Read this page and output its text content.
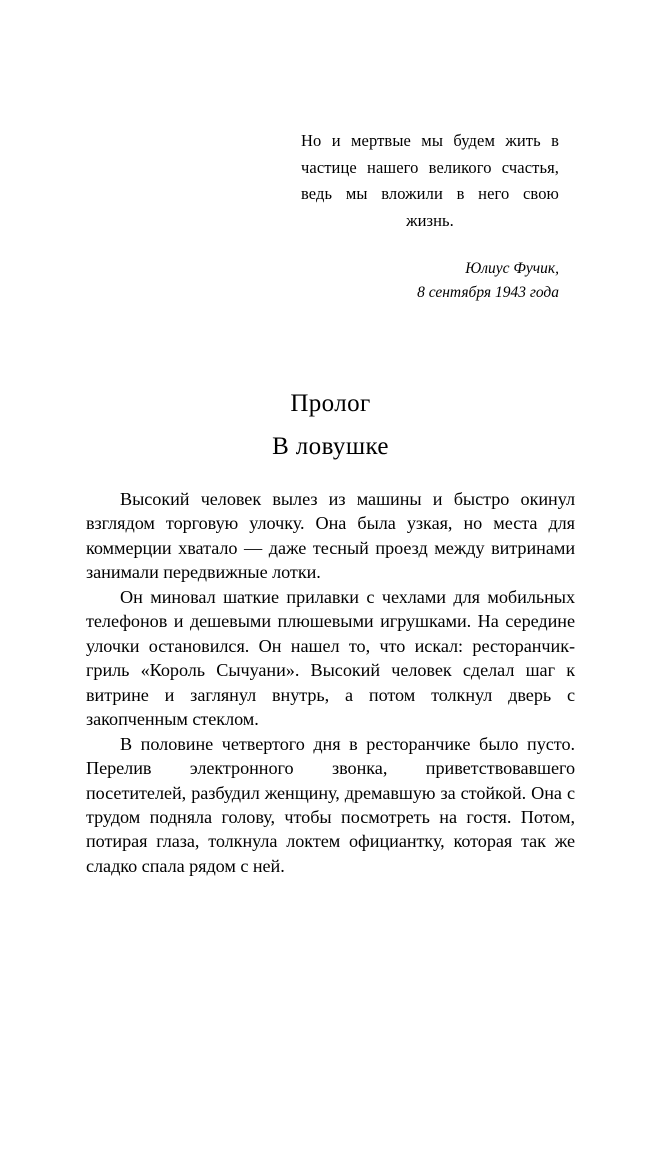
Но и мертвые мы будем жить в частице нашего великого счастья, ведь мы вложили в него свою жизнь.
Юлиус Фучик,
8 сентября 1943 года
Пролог
В ловушке

Высокий человек вылез из машины и быстро окинул взглядом торговую улочку. Она была узкая, но места для коммерции хватало — даже тесный проезд между витринами занимали передвижные лотки.

Он миновал шаткие прилавки с чехлами для мобильных телефонов и дешевыми плюшевыми игрушками. На середине улочки остановился. Он нашел то, что искал: ресторанчик-гриль «Король Сычуани». Высокий человек сделал шаг к витрине и заглянул внутрь, а потом толкнул дверь с закопченным стеклом.

В половине четвертого дня в ресторанчике было пусто. Перелив электронного звонка, приветствовавшего посетителей, разбудил женщину, дремавшую за стойкой. Она с трудом подняла голову, чтобы посмотреть на гостя. Потом, потирая глаза, толкнула локтем официантку, которая так же сладко спала рядом с ней.
